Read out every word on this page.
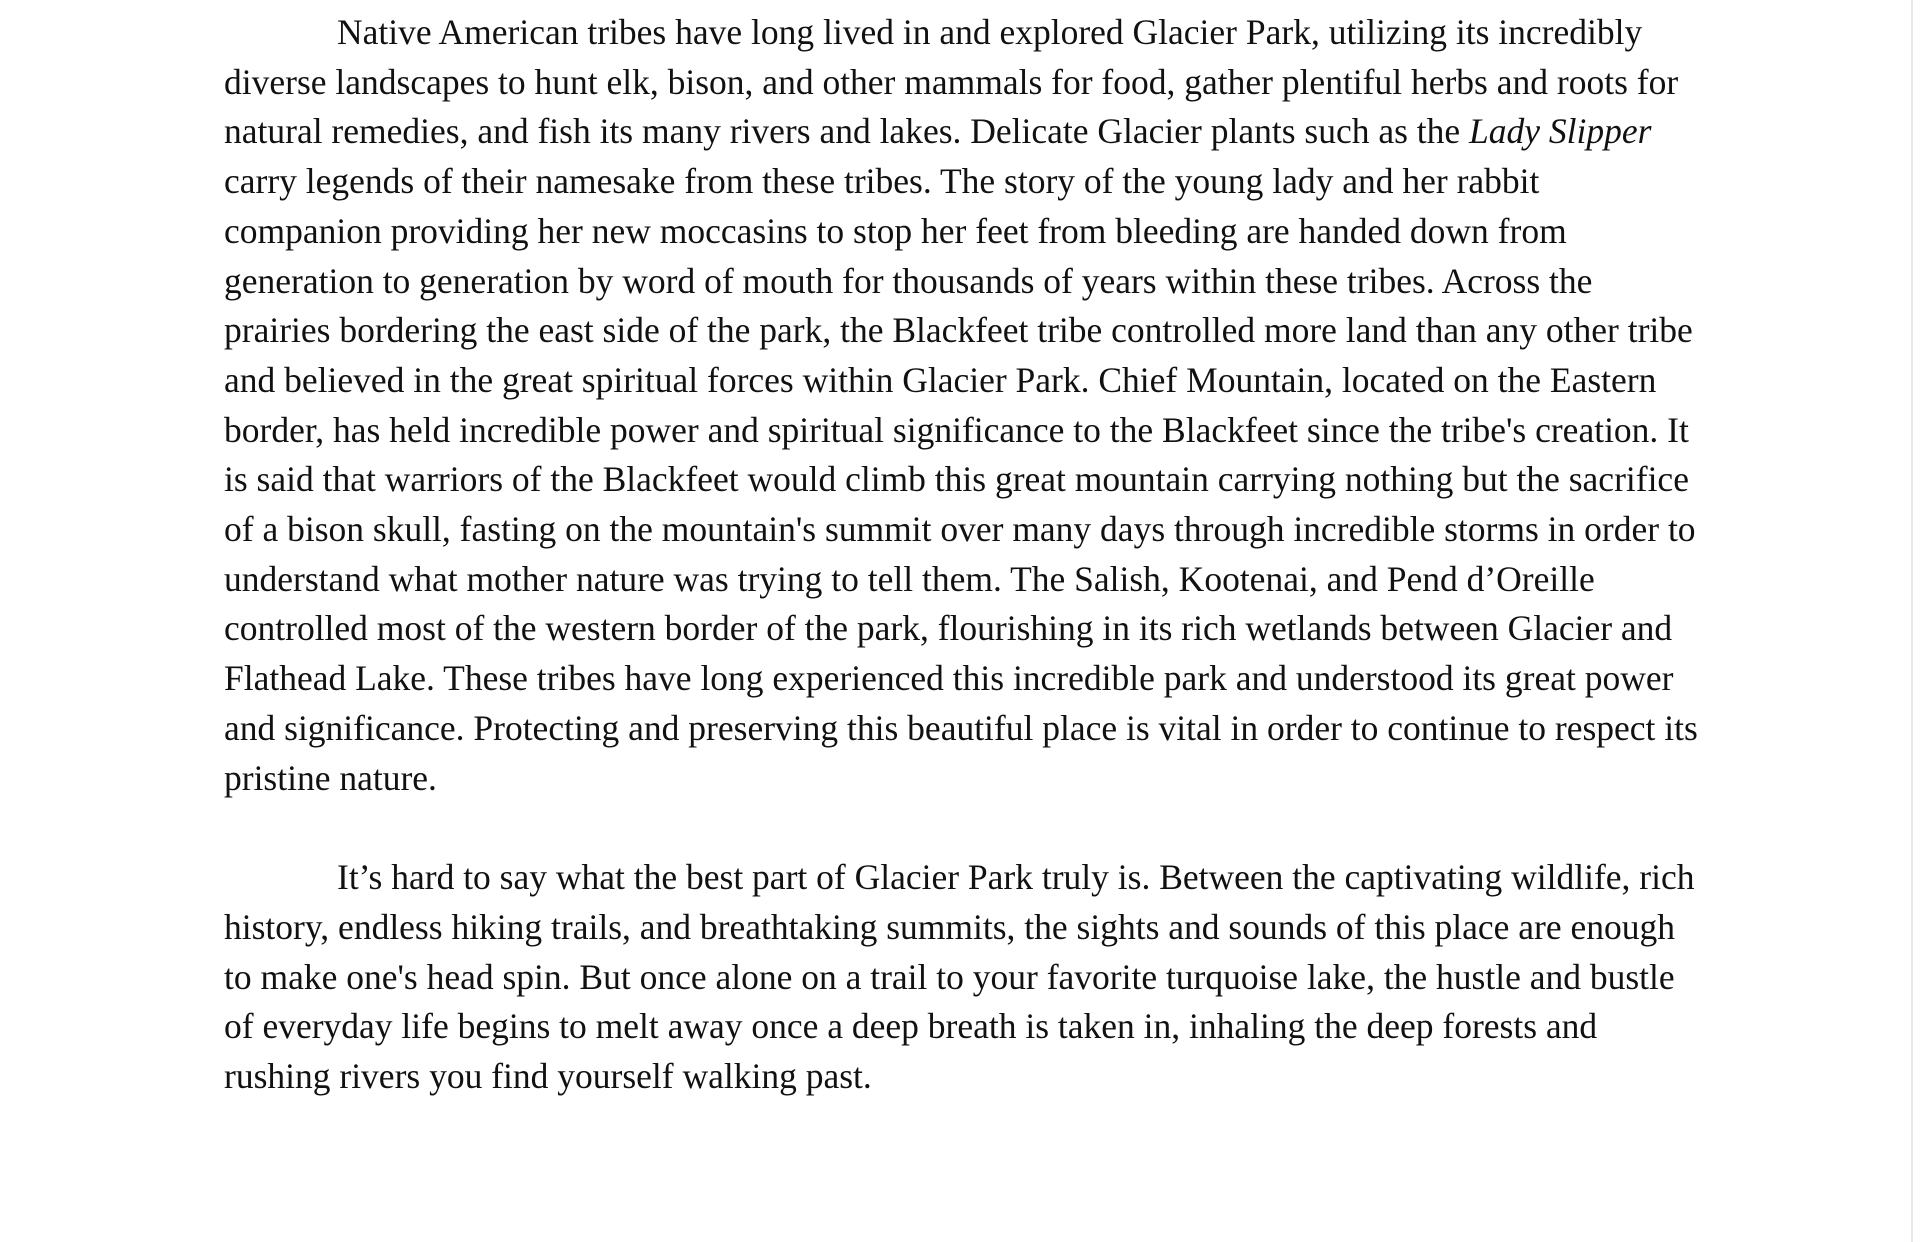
Native American tribes have long lived in and explored Glacier Park, utilizing its incredibly diverse landscapes to hunt elk, bison, and other mammals for food, gather plentiful herbs and roots for natural remedies, and fish its many rivers and lakes. Delicate Glacier plants such as the Lady Slipper carry legends of their namesake from these tribes. The story of the young lady and her rabbit companion providing her new moccasins to stop her feet from bleeding are handed down from generation to generation by word of mouth for thousands of years within these tribes. Across the prairies bordering the east side of the park, the Blackfeet tribe controlled more land than any other tribe and believed in the great spiritual forces within Glacier Park. Chief Mountain, located on the Eastern border, has held incredible power and spiritual significance to the Blackfeet since the tribe's creation. It is said that warriors of the Blackfeet would climb this great mountain carrying nothing but the sacrifice of a bison skull, fasting on the mountain's summit over many days through incredible storms in order to understand what mother nature was trying to tell them. The Salish, Kootenai, and Pend d’Oreille controlled most of the western border of the park, flourishing in its rich wetlands between Glacier and Flathead Lake. These tribes have long experienced this incredible park and understood its great power and significance. Protecting and preserving this beautiful place is vital in order to continue to respect its pristine nature.

It’s hard to say what the best part of Glacier Park truly is. Between the captivating wildlife, rich history, endless hiking trails, and breathtaking summits, the sights and sounds of this place are enough to make one's head spin. But once alone on a trail to your favorite turquoise lake, the hustle and bustle of everyday life begins to melt away once a deep breath is taken in, inhaling the deep forests and rushing rivers you find yourself walking past.
